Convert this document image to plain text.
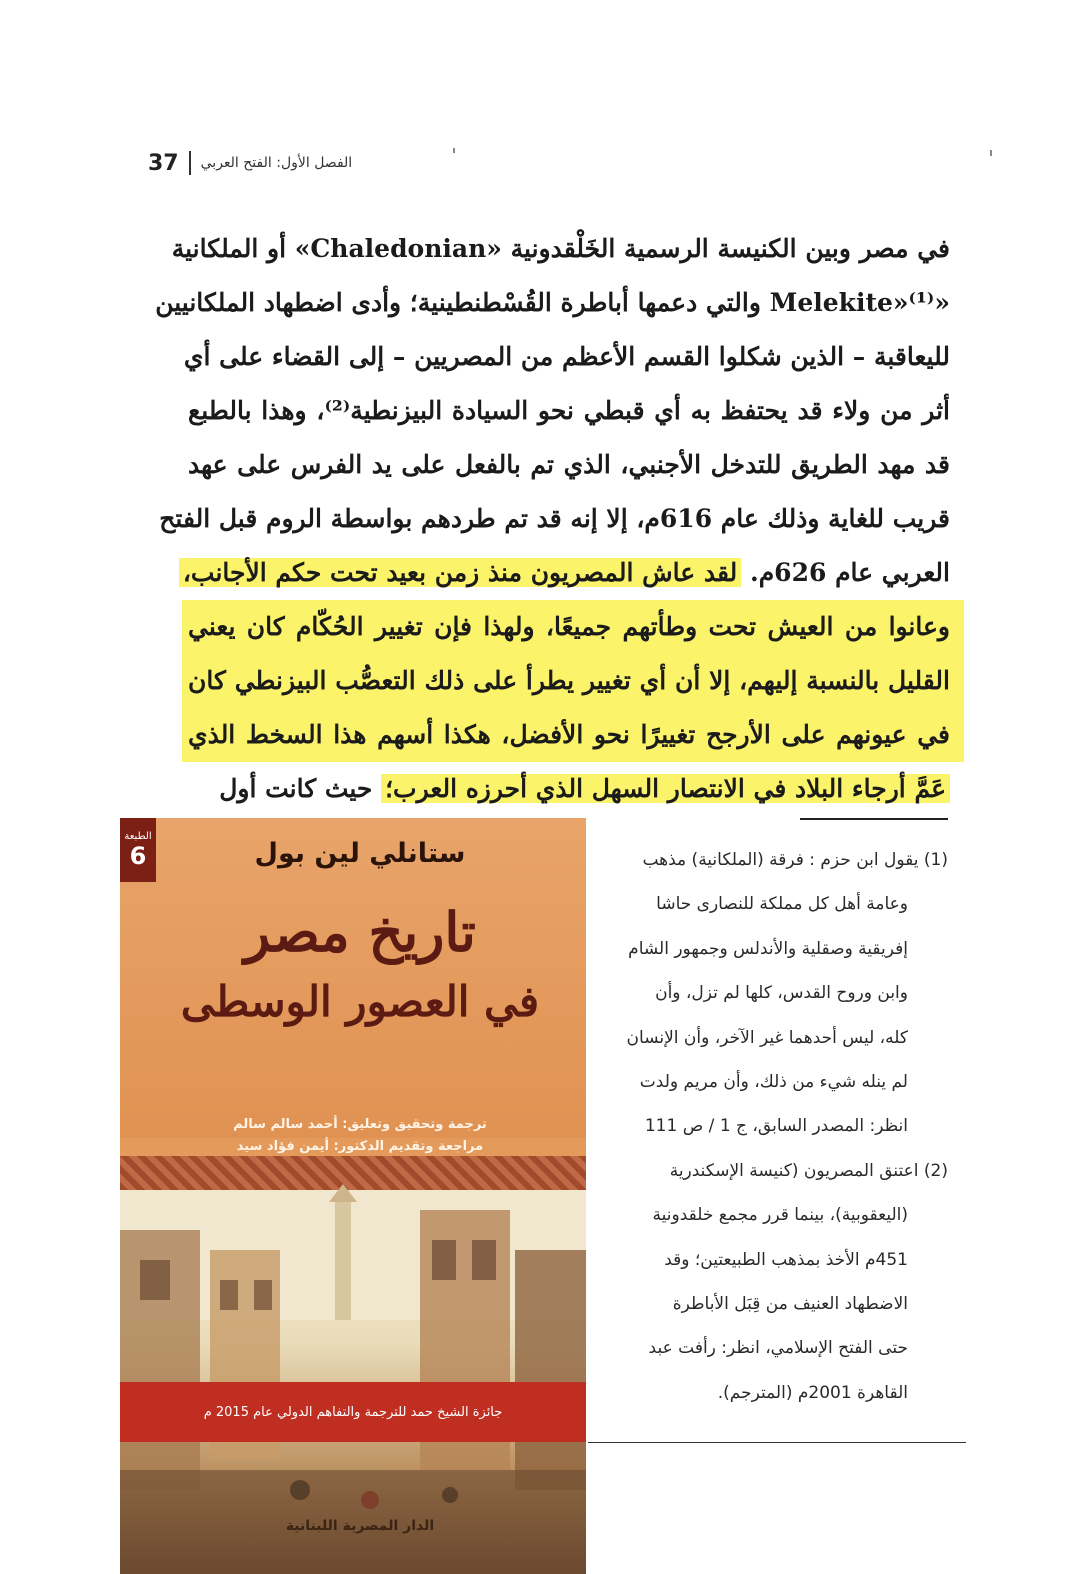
37 الفصل الأول: الفتح العربي
في مصر وبين الكنيسة الرسمية الخَلْقدونية «Chaledonian» أو الملكانية
«Melekite»⁽¹⁾ والتي دعمها أباطرة القُسْطنطينية؛ وأدى اضطهاد الملكانيين
لليعاقبة – الذين شكلوا القسم الأعظم من المصريين – إلى القضاء على أي
أثر من ولاء قد يحتفظ به أي قبطي نحو السيادة البيزنطية⁽²⁾، وهذا بالطبع
قد مهد الطريق للتدخل الأجنبي، الذي تم بالفعل على يد الفرس على عهد
قريب للغاية وذلك عام 616م، إلا إنه قد تم طردهم بواسطة الروم قبل الفتح
العربي عام 626م. لقد عاش المصريون منذ زمن بعيد تحت حكم الأجانب،
وعانوا من العيش تحت وطأتهم جميعًا، ولهذا فإن تغيير الحُكّام كان يعني
القليل بالنسبة إليهم، إلا أن أي تغيير يطرأ على ذلك التعصُّب البيزنطي كان
في عيونهم على الأرجح تغييرًا نحو الأفضل، هكذا أسهم هذا السخط الذي
عَمَّ أرجاء البلاد في الانتصار السهل الذي أحرزه العرب؛ حيث كانت أول
(1) يقول ابن حزم : فرقة (الملكانية) مذهب
وعامة أهل كل مملكة للنصارى حاشا
إفريقية وصقلية والأندلس وجمهور الشام
وابن وروح القدس، كلها لم تزل، وأن
كله، ليس أحدهما غير الآخر، وأن الإنسان
لم ينله شيء من ذلك، وأن مريم ولدت
انظر: المصدر السابق، ج 1 / ص 111
(2) اعتنق المصريون (كنيسة الإسكندرية
(اليعقوبية)، بينما قرر مجمع خلقدونية
451م الأخذ بمذهب الطبيعتين؛ وقد
الاضطهاد العنيف من قِبَل الأباطرة
حتى الفتح الإسلامي، انظر: رأفت عبد
القاهرة 2001م (المترجم).
الطبعة
6	ستانلي لين بول
تاريخ مصر
في العصور الوسطى
ترجمة وتحقيق وتعليق: أحمد سالم سالم
مراجعة وتقديم الدكتور: أيمن فؤاد سيد
جائزة الشيخ حمد للترجمة والتفاهم الدولي عام 2015 م
الدار المصرية اللبنانية
